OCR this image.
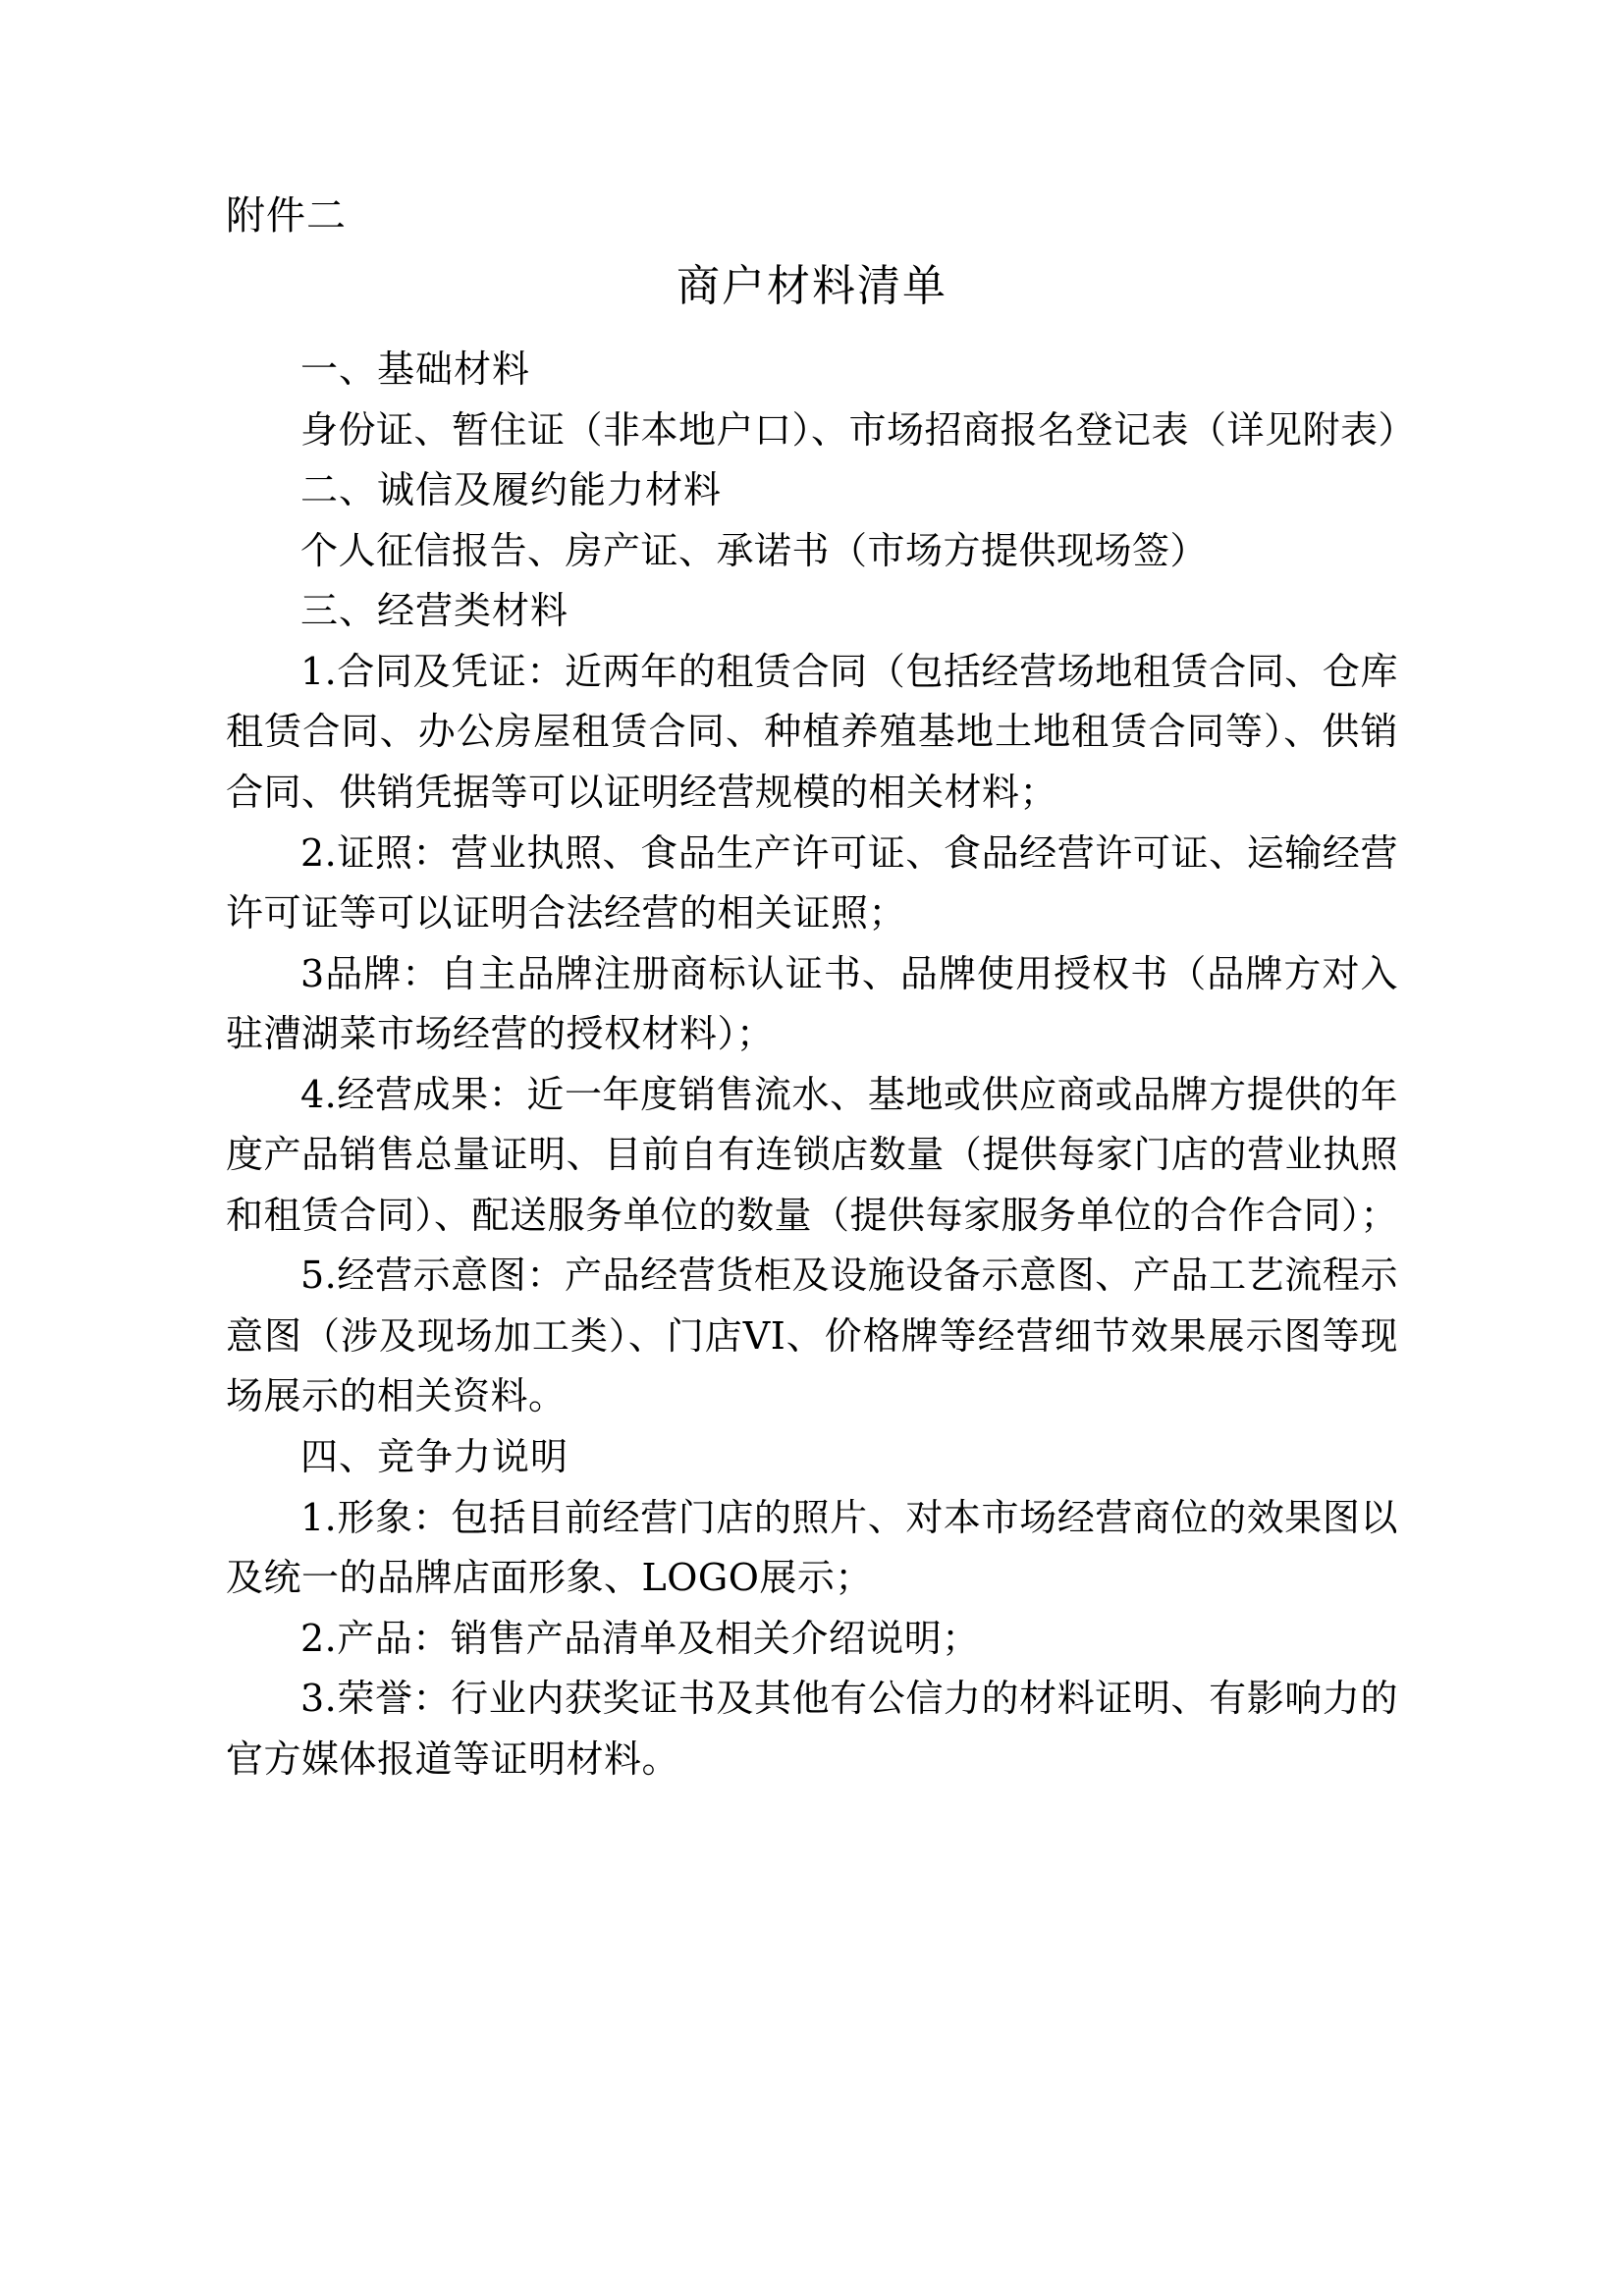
附件二
商户材料清单
一、基础材料

身份证、暂住证（非本地户口）、市场招商报名登记表（详见附表）

二、诚信及履约能力材料

个人征信报告、房产证、承诺书（市场方提供现场签）

三、经营类材料

1.合同及凭证：近两年的租赁合同（包括经营场地租赁合同、仓库租赁合同、办公房屋租赁合同、种植养殖基地土地租赁合同等）、供销合同、供销凭据等可以证明经营规模的相关材料；

2.证照：营业执照、食品生产许可证、食品经营许可证、运输经营许可证等可以证明合法经营的相关证照；

3品牌：自主品牌注册商标认证书、品牌使用授权书（品牌方对入驻漕湖菜市场经营的授权材料）；

4.经营成果：近一年度销售流水、基地或供应商或品牌方提供的年度产品销售总量证明、目前自有连锁店数量（提供每家门店的营业执照和租赁合同）、配送服务单位的数量（提供每家服务单位的合作合同）；

5.经营示意图：产品经营货柜及设施设备示意图、产品工艺流程示意图（涉及现场加工类）、门店VI、价格牌等经营细节效果展示图等现场展示的相关资料。

四、竞争力说明

1.形象：包括目前经营门店的照片、对本市场经营商位的效果图以及统一的品牌店面形象、LOGO展示；

2.产品：销售产品清单及相关介绍说明；

3.荣誉：行业内获奖证书及其他有公信力的材料证明、有影响力的官方媒体报道等证明材料。
